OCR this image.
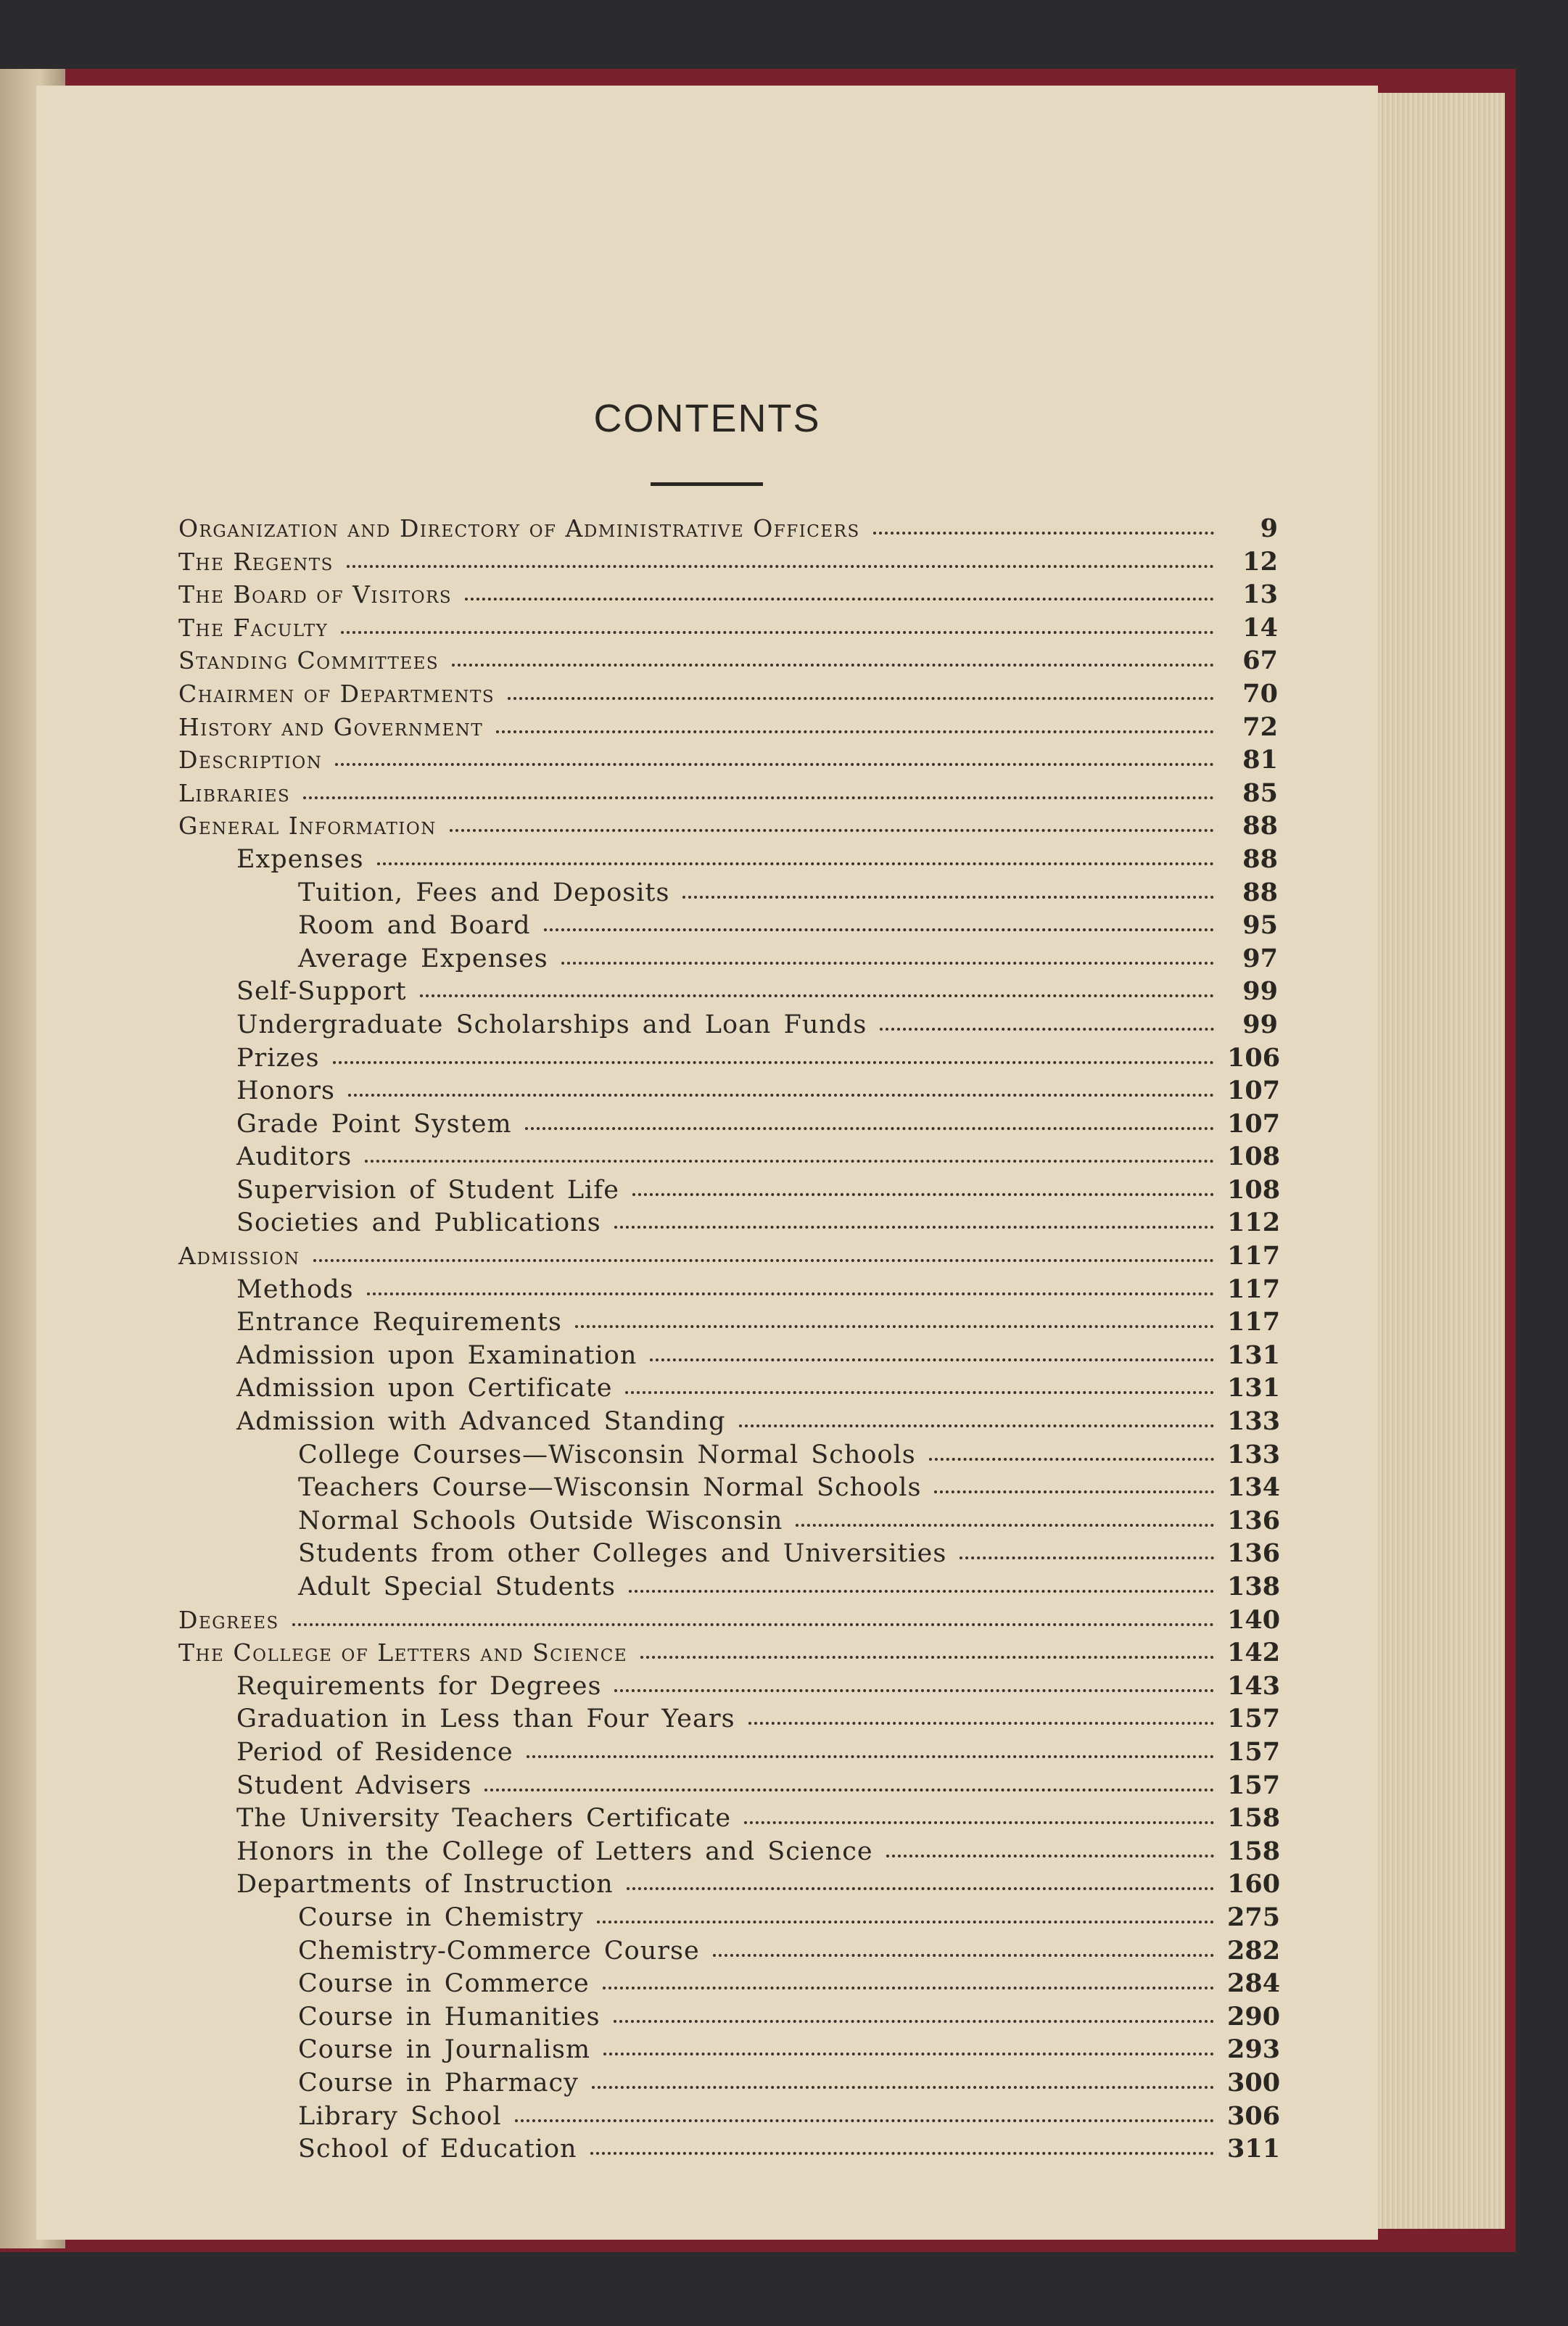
CONTENTS
Organization and Directory of Administrative Officers	9
The Regents	12
The Board of Visitors	13
The Faculty	14
Standing Committees	67
Chairmen of Departments	70
History and Government	72
Description	81
Libraries	85
General Information	88
Expenses	88
Tuition, Fees and Deposits	88
Room and Board	95
Average Expenses	97
Self-Support	99
Undergraduate Scholarships and Loan Funds	99
Prizes	106
Honors	107
Grade Point System	107
Auditors	108
Supervision of Student Life	108
Societies and Publications	112
Admission	117
Methods	117
Entrance Requirements	117
Admission upon Examination	131
Admission upon Certificate	131
Admission with Advanced Standing	133
College Courses—Wisconsin Normal Schools	133
Teachers Course—Wisconsin Normal Schools	134
Normal Schools Outside Wisconsin	136
Students from other Colleges and Universities	136
Adult Special Students	138
Degrees	140
The College of Letters and Science	142
Requirements for Degrees	143
Graduation in Less than Four Years	157
Period of Residence	157
Student Advisers	157
The University Teachers Certificate	158
Honors in the College of Letters and Science	158
Departments of Instruction	160
Course in Chemistry	275
Chemistry-Commerce Course	282
Course in Commerce	284
Course in Humanities	290
Course in Journalism	293
Course in Pharmacy	300
Library School	306
School of Education	311
